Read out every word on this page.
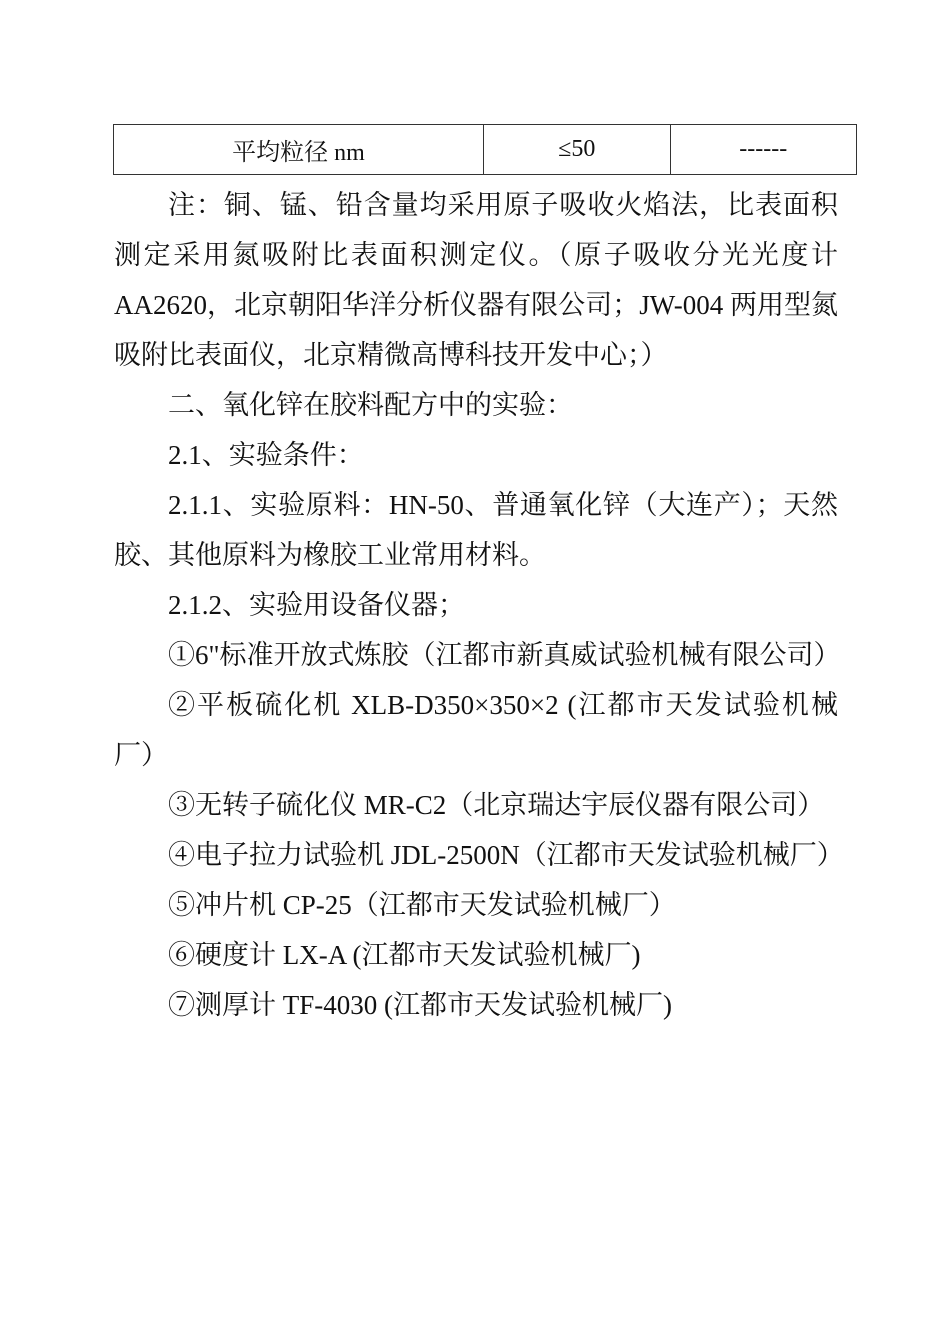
平均粒径 nm	≤50	------

注：铜、锰、铅含量均采用原子吸收火焰法，比表面积测定采用氮吸附比表面积测定仪。（原子吸收分光光度计 AA2620，北京朝阳华洋分析仪器有限公司；JW-004 两用型氮吸附比表面仪，北京精微高博科技开发中心；）

二、氧化锌在胶料配方中的实验：

2.1、实验条件：

2.1.1、实验原料：HN-50、普通氧化锌（大连产）；天然胶、其他原料为橡胶工业常用材料。

2.1.2、实验用设备仪器；

①6"标准开放式炼胶（江都市新真威试验机械有限公司）

②平板硫化机 XLB-D350×350×2 (江都市天发试验机械厂）

③无转子硫化仪 MR-C2（北京瑞达宇辰仪器有限公司）

④电子拉力试验机 JDL-2500N（江都市天发试验机械厂）

⑤冲片机 CP-25（江都市天发试验机械厂）

⑥硬度计 LX-A (江都市天发试验机械厂)

⑦测厚计 TF-4030 (江都市天发试验机械厂)
